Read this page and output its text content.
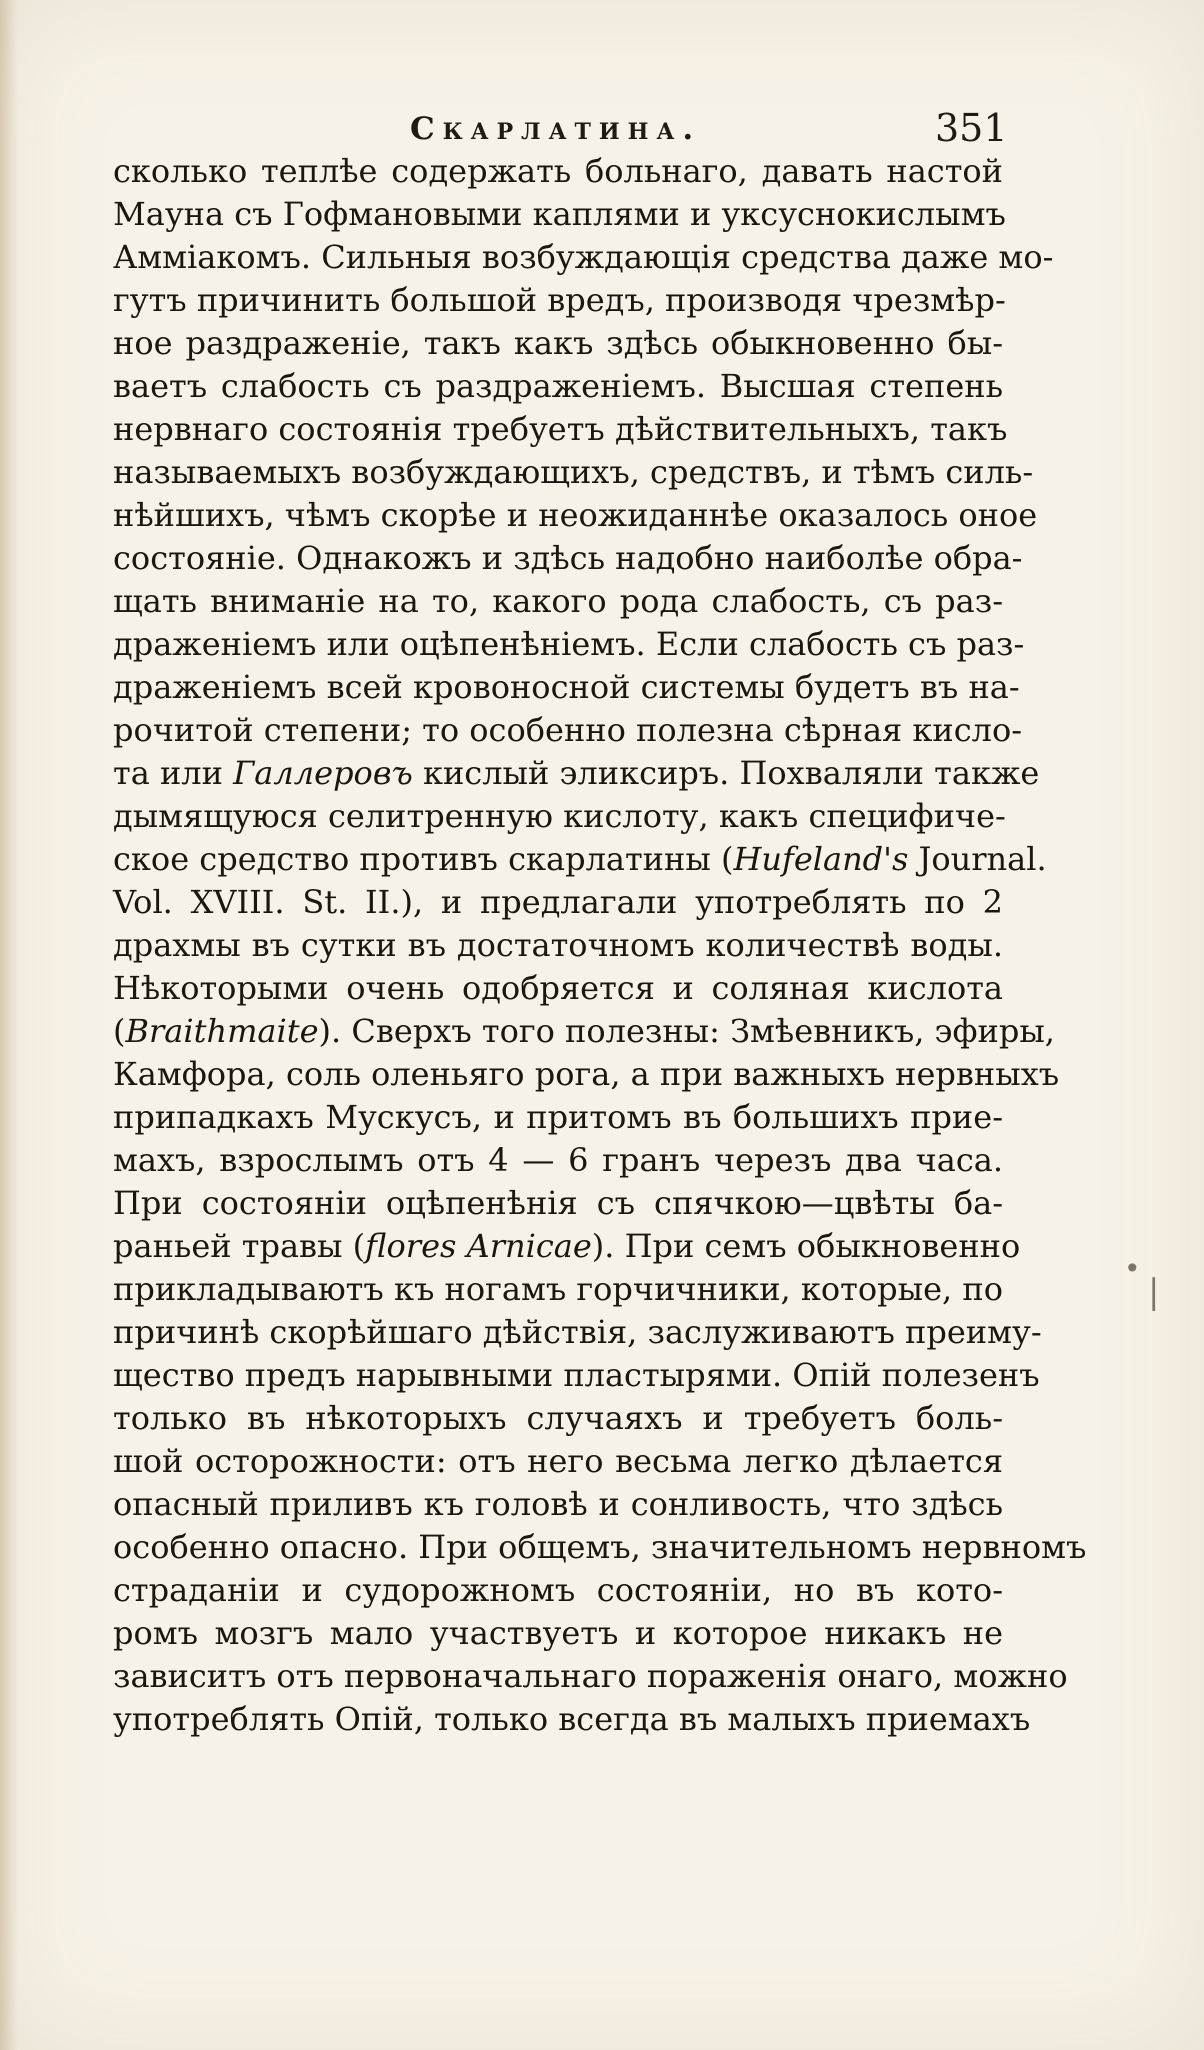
Скарлатина.	351
сколько теплѣе содержать больнаго, давать настой
Мауна съ Гофмановыми каплями и уксуснокислымъ
Аммiакомъ. Сильныя возбуждающiя средства даже мо-
гутъ причинить большой вредъ, производя чрезмѣр-
ное раздраженiе, такъ какъ здѣсь обыкновенно бы-
ваетъ слабость съ раздраженiемъ. Высшая степень
нервнаго состоянiя требуетъ дѣйствительныхъ, такъ
называемыхъ возбуждающихъ, средствъ, и тѣмъ силь-
нѣйшихъ, чѣмъ скорѣе и неожиданнѣе оказалось оное
состоянiе. Однакожъ и здѣсь надобно наиболѣе обра-
щать вниманiе на то, какого рода слабость, съ раз-
драженiемъ или оцѣпенѣнiемъ. Если слабость съ раз-
драженiемъ всей кровоносной системы будетъ въ на-
рочитой степени; то особенно полезна сѣрная кисло-
та или Галлеровъ кислый эликсиръ. Похваляли также
дымящуюся селитренную кислоту, какъ специфиче-
ское средство противъ скарлатины (Hufeland's Journal.
Vol. XVIII. St. II.), и предлагали употреблять по 2
драхмы въ сутки въ достаточномъ количествѣ воды.
Нѣкоторыми очень одобряется и соляная кислота
(Braithmaite). Сверхъ того полезны: Змѣевникъ, эфиры,
Камфора, соль оленьяго рога, а при важныхъ нервныхъ
припадкахъ Мускусъ, и притомъ въ большихъ прие-
махъ, взрослымъ отъ 4 — 6 гранъ черезъ два часа.
При состоянiи оцѣпенѣнiя съ спячкою—цвѣты ба-
раньей травы (flores Arnicae). При семъ обыкновенно
прикладываютъ къ ногамъ горчичники, которые, по
причинѣ скорѣйшаго дѣйствiя, заслуживаютъ преиму-
щество предъ нарывными пластырями. Опiй полезенъ
только въ нѣкоторыхъ случаяхъ и требуетъ боль-
шой осторожности: отъ него весьма легко дѣлается
опасный приливъ къ головѣ и сонливость, что здѣсь
особенно опасно. При общемъ, значительномъ нервномъ
страданiи и судорожномъ состоянiи, но въ кото-
ромъ мозгъ мало участвуетъ и которое никакъ не
зависитъ отъ первоначальнаго пораженiя онаго, можно
употреблять Опiй, только всегда въ малыхъ приемахъ
•
|
